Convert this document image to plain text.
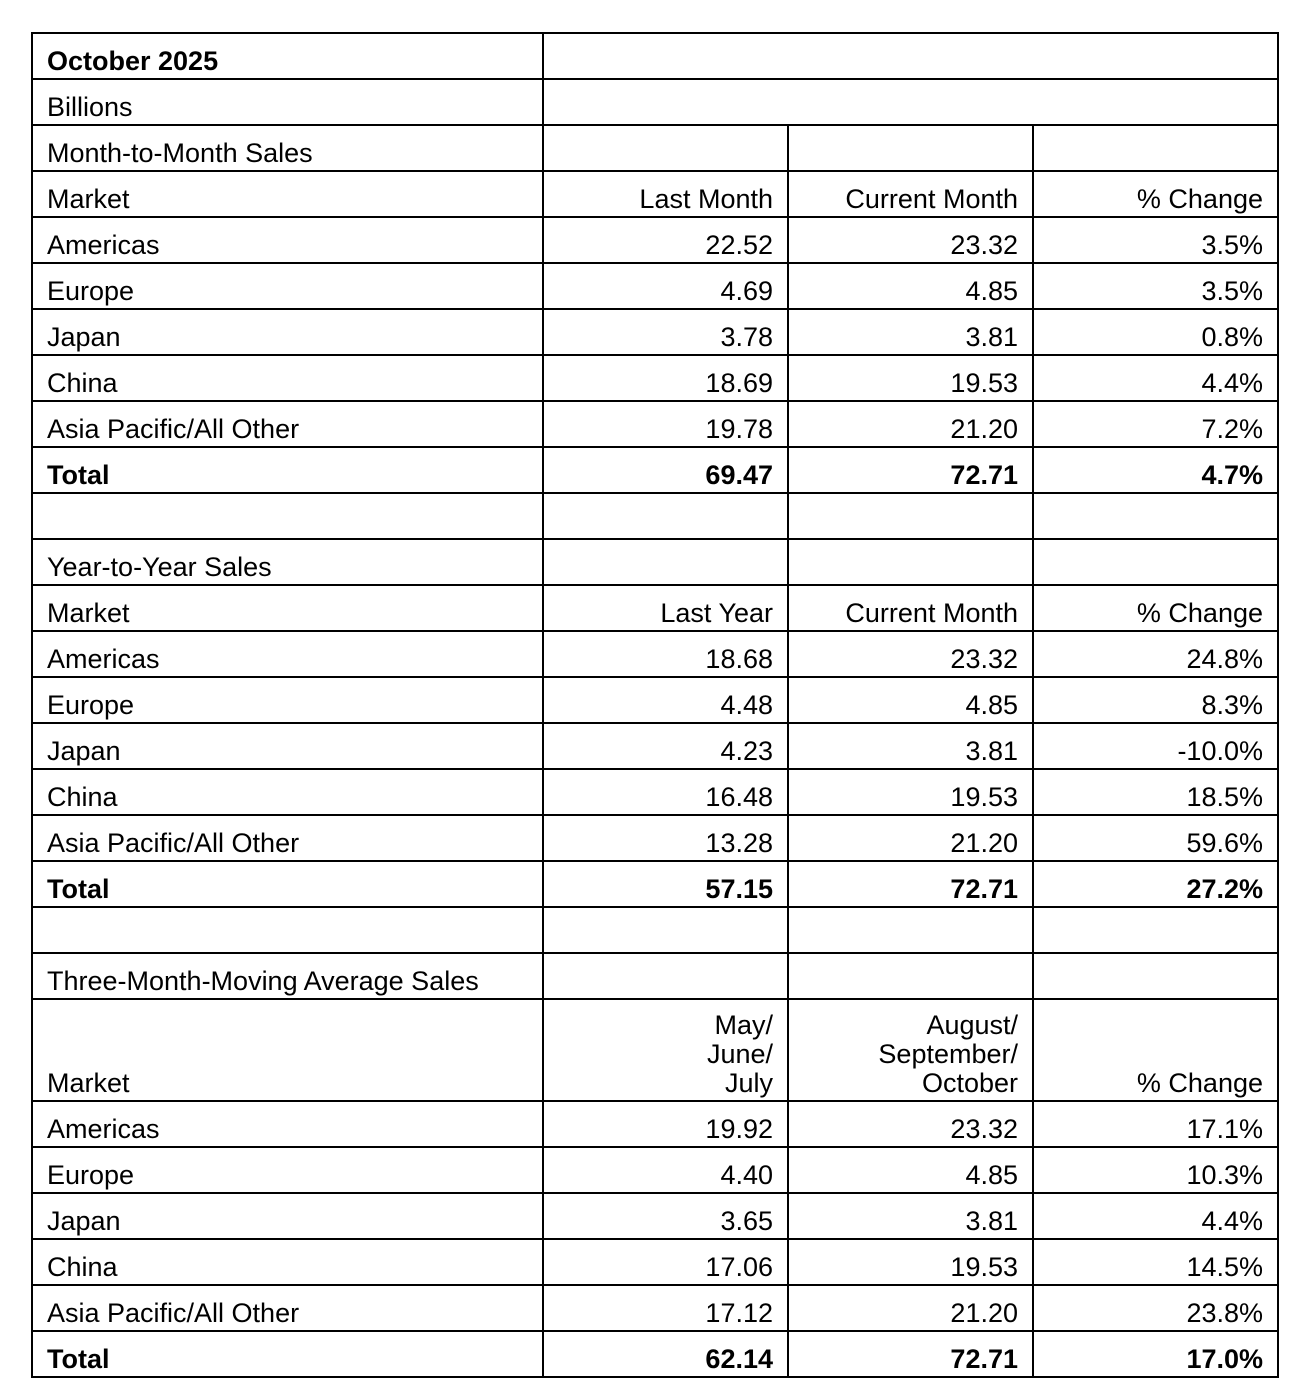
October 2025			
Billions			
Month-to-Month Sales			
Market	Last Month	Current Month	% Change
Americas	22.52	23.32	3.5%
Europe	4.69	4.85	3.5%
Japan	3.78	3.81	0.8%
China	18.69	19.53	4.4%
Asia Pacific/All Other	19.78	21.20	7.2%
Total	69.47	72.71	4.7%

Year-to-Year Sales			
Market	Last Year	Current Month	% Change
Americas	18.68	23.32	24.8%
Europe	4.48	4.85	8.3%
Japan	4.23	3.81	-10.0%
China	16.48	19.53	18.5%
Asia Pacific/All Other	13.28	21.20	59.6%
Total	57.15	72.71	27.2%

Three-Month-Moving Average Sales			
Market	May/
June/
July	August/
September/
October	% Change
Americas	19.92	23.32	17.1%
Europe	4.40	4.85	10.3%
Japan	3.65	3.81	4.4%
China	17.06	19.53	14.5%
Asia Pacific/All Other	17.12	21.20	23.8%
Total	62.14	72.71	17.0%
